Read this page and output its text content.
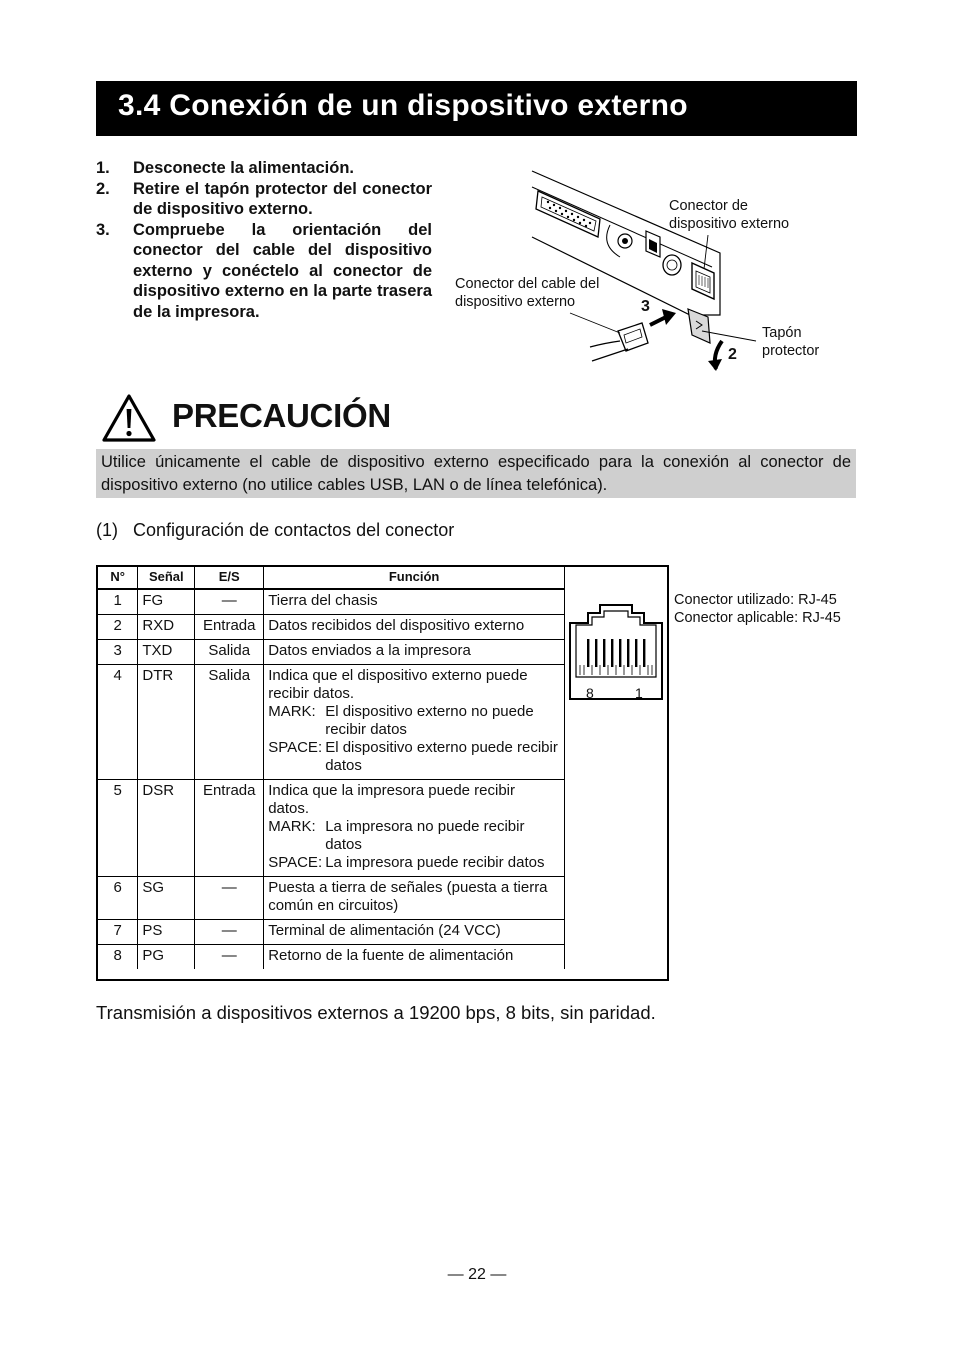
3.4 Conexión de un dispositivo externo
1.	Desconecte la alimentación.
2.	Retire el tapón protector del conector de dispositivo externo.
3.	Compruebe la orientación del conector del cable del dispositivo externo y conéctelo al conector de dispositivo externo en la parte trasera de la impresora.
Conector de
dispositivo externo
Conector del cable del
dispositivo externo
Tapón
protector
3
2
PRECAUCIÓN
Utilice únicamente el cable de dispositivo externo especificado para la conexión al conector de dispositivo externo (no utilice cables USB, LAN o de línea telefónica).
(1)   Configuración de contactos del conector
N°	Señal	E/S	Función
1	FG	—	Tierra del chasis
2	RXD	Entrada	Datos recibidos del dispositivo externo
3	TXD	Salida	Datos enviados a la impresora
4	DTR	Salida	Indica que el dispositivo externo puede recibir datos.
MARK: El dispositivo externo no puede recibir datos
SPACE: El dispositivo externo puede recibir datos

5	DSR	Entrada	Indica que la impresora puede recibir datos.
MARK: La impresora no puede recibir datos
SPACE: La impresora puede recibir datos

6	SG	—	Puesta a tierra de señales (puesta a tierra común en circuitos)
7	PS	—	Terminal de alimentación (24 VCC)
8	PG	—	Retorno de la fuente de alimentación
8	1
Conector utilizado: RJ-45
Conector aplicable: RJ-45
Transmisión a dispositivos externos a 19200 bps, 8 bits, sin paridad.
— 22 —
